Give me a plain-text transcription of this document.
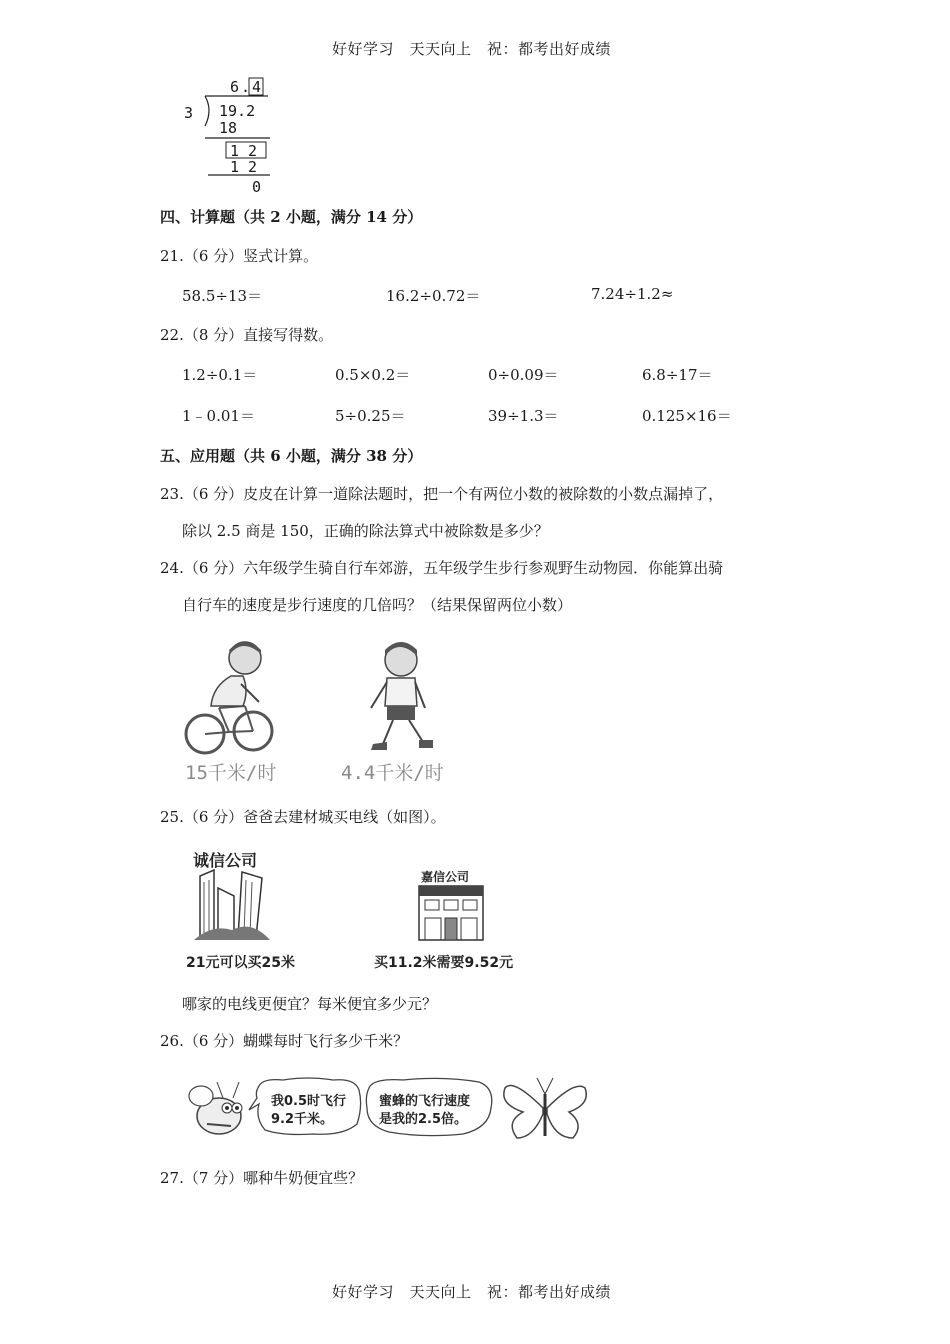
好好学习　天天向上　祝：都考出好成绩
6 . 4
3 19.2
18
1 2
1 2
0
四、计算题（共 2 小题，满分 14 分）
21.（6 分）竖式计算。
58.5÷13＝	16.2÷0.72＝	7.24÷1.2≈
22.（8 分）直接写得数。
1.2÷0.1＝	0.5×0.2＝	0÷0.09＝	6.8÷17＝
1﹣0.01＝	5÷0.25＝	39÷1.3＝	0.125×16＝
五、应用题（共 6 小题，满分 38 分）
23.（6 分）皮皮在计算一道除法题时，把一个有两位小数的被除数的小数点漏掉了，
除以 2.5 商是 150，正确的除法算式中被除数是多少？
24.（6 分）六年级学生骑自行车郊游，五年级学生步行参观野生动物园．你能算出骑
自行车的速度是步行速度的几倍吗？（结果保留两位小数）
15千米/时	4.4千米/时
25.（6 分）爸爸去建材城买电线（如图）。
诚信公司
21元可以买25米
嘉信公司
买11.2米需要9.52元
哪家的电线更便宜？每米便宜多少元？
26.（6 分）蝴蝶每时飞行多少千米？
我0.5时飞行
9.2千米。
蜜蜂的飞行速度
是我的2.5倍。
27.（7 分）哪种牛奶便宜些？
好好学习　天天向上　祝：都考出好成绩
